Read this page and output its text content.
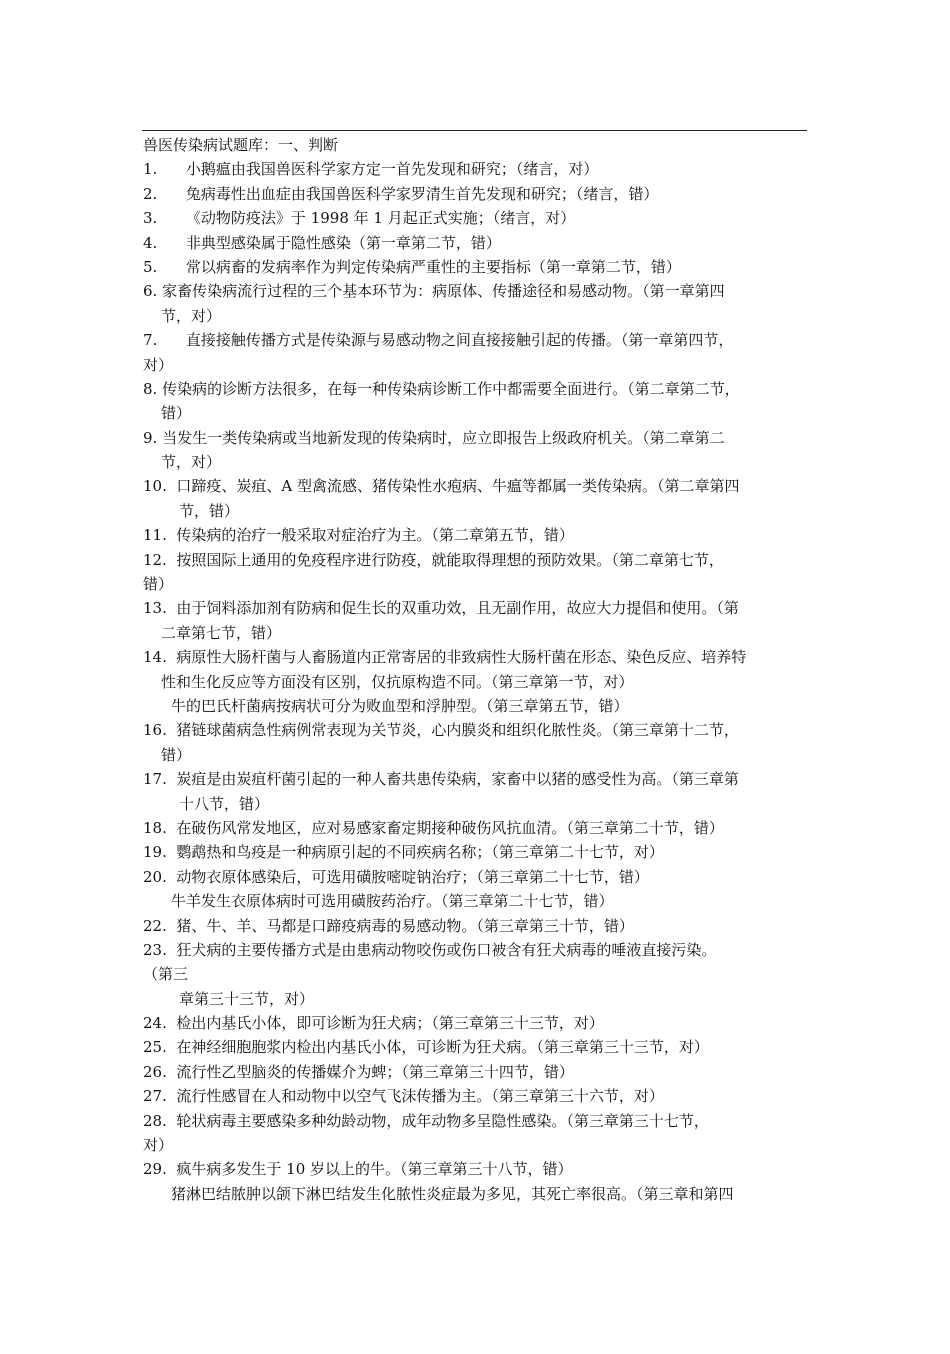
兽医传染病试题库：一、判断
1.      小鹅瘟由我国兽医科学家方定一首先发现和研究；（绪言，对）
2.      兔病毒性出血症由我国兽医科学家罗清生首先发现和研究；（绪言，错）
3.      《动物防疫法》于 1998 年 1 月起正式实施；（绪言，对）
4.      非典型感染属于隐性感染（第一章第二节，错）
5.      常以病畜的发病率作为判定传染病严重性的主要指标（第一章第二节，错）
6. 家畜传染病流行过程的三个基本环节为：病原体、传播途径和易感动物。（第一章第四
节，对）
7.      直接接触传播方式是传染源与易感动物之间直接接触引起的传播。（第一章第四节，
对）
8. 传染病的诊断方法很多，在每一种传染病诊断工作中都需要全面进行。（第二章第二节，
错）
9. 当发生一类传染病或当地新发现的传染病时，应立即报告上级政府机关。（第二章第二
节，对）
10.  口蹄疫、炭疽、A 型禽流感、猪传染性水疱病、牛瘟等都属一类传染病。（第二章第四
节，错）
11.  传染病的治疗一般采取对症治疗为主。（第二章第五节，错）
12.  按照国际上通用的免疫程序进行防疫，就能取得理想的预防效果。（第二章第七节，
错）
13.  由于饲料添加剂有防病和促生长的双重功效，且无副作用，故应大力提倡和使用。（第
二章第七节，错）
14.  病原性大肠杆菌与人畜肠道内正常寄居的非致病性大肠杆菌在形态、染色反应、培养特
性和生化反应等方面没有区别，仅抗原构造不同。（第三章第一节，对）
牛的巴氏杆菌病按病状可分为败血型和浮肿型。（第三章第五节，错）
16.  猪链球菌病急性病例常表现为关节炎，心内膜炎和组织化脓性炎。（第三章第十二节，
错）
17.  炭疽是由炭疽杆菌引起的一种人畜共患传染病，家畜中以猪的感受性为高。（第三章第
十八节，错）
18.  在破伤风常发地区，应对易感家畜定期接种破伤风抗血清。（第三章第二十节，错）
19.  鹦鹉热和鸟疫是一种病原引起的不同疾病名称；（第三章第二十七节，对）
20.  动物衣原体感染后，可选用磺胺嘧啶钠治疗；（第三章第二十七节，错）
牛羊发生衣原体病时可选用磺胺药治疗。（第三章第二十七节，错）
22.  猪、牛、羊、马都是口蹄疫病毒的易感动物。（第三章第三十节，错）
23.  狂犬病的主要传播方式是由患病动物咬伤或伤口被含有狂犬病毒的唾液直接污染。
（第三
章第三十三节，对）
24.  检出内基氏小体，即可诊断为狂犬病；（第三章第三十三节，对）
25.  在神经细胞胞浆内检出内基氏小体，可诊断为狂犬病。（第三章第三十三节，对）
26.  流行性乙型脑炎的传播媒介为蜱；（第三章第三十四节，错）
27.  流行性感冒在人和动物中以空气飞沫传播为主。（第三章第三十六节，对）
28.  轮状病毒主要感染多种幼龄动物，成年动物多呈隐性感染。（第三章第三十七节，
对）
29.  疯牛病多发生于 10 岁以上的牛。（第三章第三十八节，错）
猪淋巴结脓肿以颌下淋巴结发生化脓性炎症最为多见，其死亡率很高。（第三章和第四
